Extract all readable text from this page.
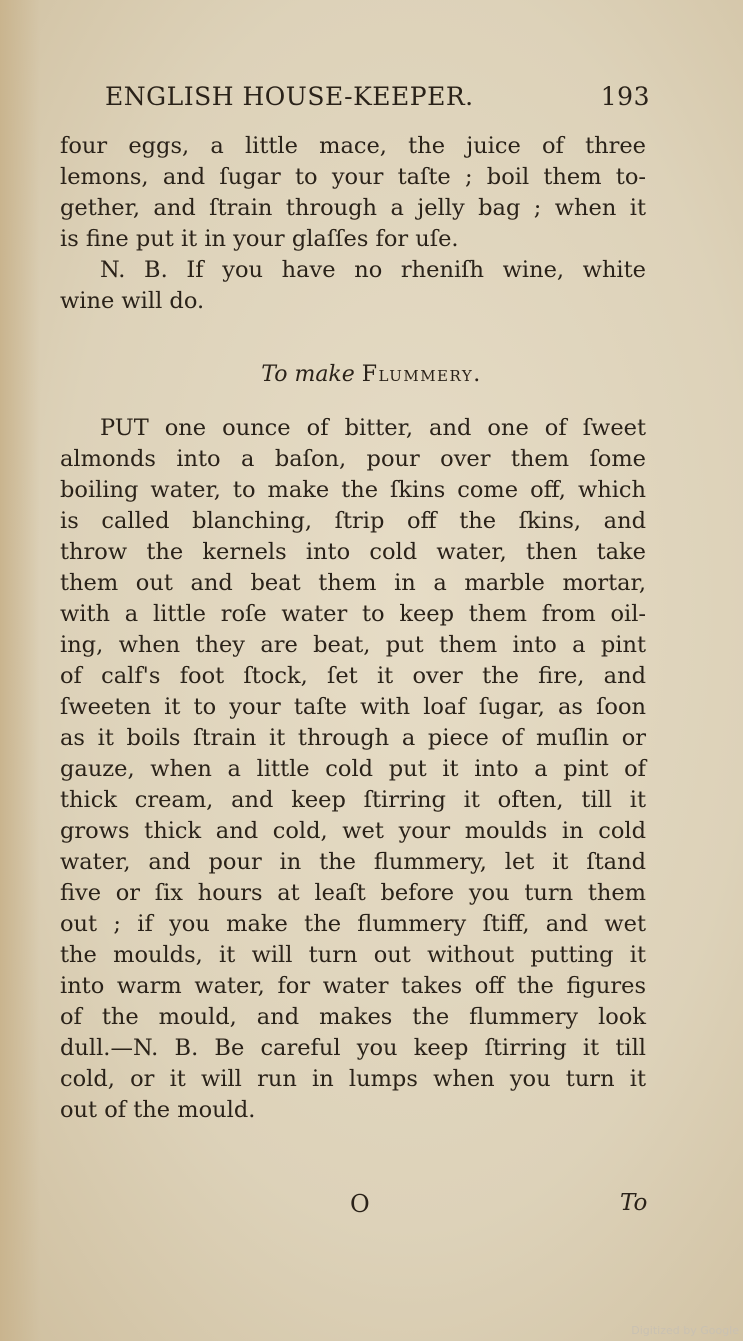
ENGLISH HOUSE-KEEPER.	193
four eggs, a little mace, the juice of three
lemons, and ſugar to your taſte ; boil them to-
gether, and ſtrain through a jelly bag ; when it
is fine put it in your glaſſes for uſe.
N. B. If you have no rheniſh wine, white
wine will do.
PUT one ounce of bitter, and one of ſweet
almonds into a baſon, pour over them ſome
boiling water, to make the ſkins come off, which
is called blanching, ſtrip off the ſkins, and
throw the kernels into cold water, then take
them out and beat them in a marble mortar,
with a little roſe water to keep them from oil-
ing, when they are beat, put them into a pint
of calf's foot ſtock, ſet it over the fire, and
ſweeten it to your taſte with loaf ſugar, as ſoon
as it boils ſtrain it through a piece of muſlin or
gauze, when a little cold put it into a pint of
thick cream, and keep ſtirring it often, till it
grows thick and cold, wet your moulds in cold
water, and pour in the flummery, let it ſtand
five or ſix hours at leaſt before you turn them
out ; if you make the flummery ſtiff, and wet
the moulds, it will turn out without putting it
into warm water, for water takes off the figures
of the mould, and makes the flummery look
dull.—N. B. Be careful you keep ſtirring it till
cold, or it will run in lumps when you turn it
out of the mould.
To make Flummery.
O	To
Digitized by Google
